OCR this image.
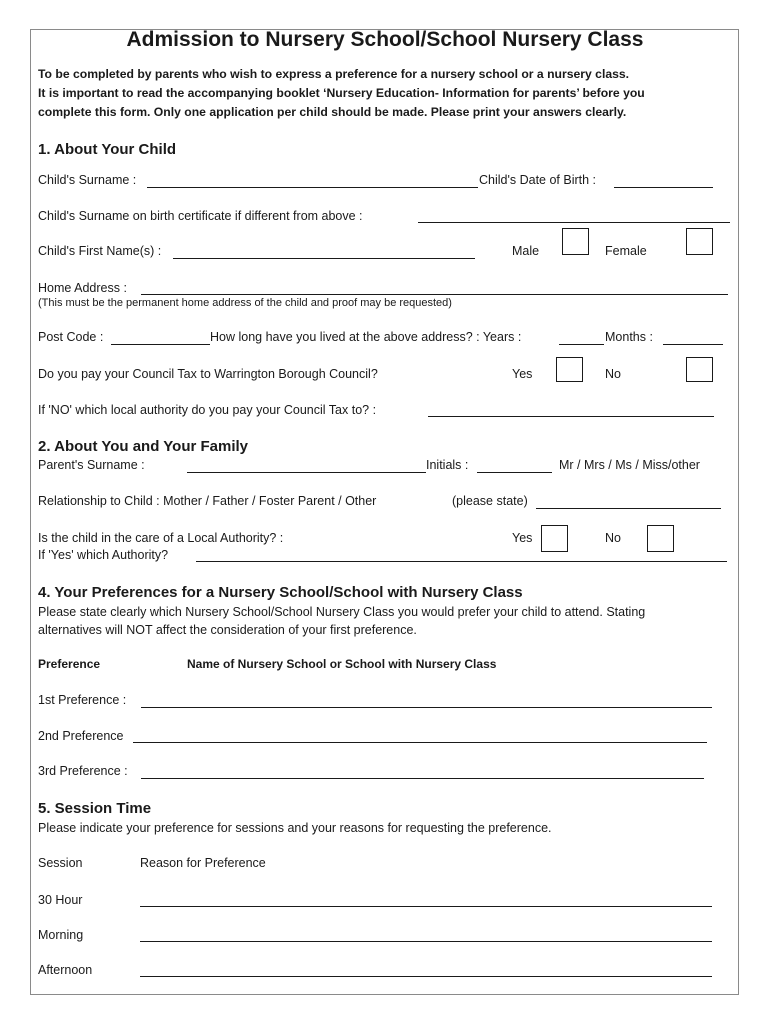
Admission to Nursery School/School Nursery Class
To be completed by parents who wish to express a preference for a nursery school or a nursery class.
It is important to read the accompanying booklet ‘Nursery Education- Information for parents’ before you
complete this form. Only one application per child should be made. Please print your answers clearly.
1. About Your Child
Child's Surname :	Child's Date of Birth :
Child's Surname on birth certificate if different from above :
Child's First Name(s) :	Male	Female
Home Address :
(This must be the permanent home address of the child and proof may be requested)
Post Code :	How long have you lived at the above address? : Years :	Months :
Do you pay your Council Tax to Warrington Borough Council?	Yes	No
If 'NO' which local authority do you pay your Council Tax to? :
2. About You and Your Family
Parent's Surname :	Initials :	Mr / Mrs / Ms / Miss/other
Relationship to Child : Mother / Father / Foster Parent / Other	(please state)
Is the child in the care of a Local Authority? :	Yes	No
If 'Yes' which Authority?
4. Your Preferences for a Nursery School/School with Nursery Class
Please state clearly which Nursery School/School Nursery Class you would prefer your child to attend. Stating
alternatives will NOT affect the consideration of your first preference.
Preference	Name of Nursery School or School with Nursery Class
1st Preference :
2nd Preference
3rd Preference :
5. Session Time
Please indicate your preference for sessions and your reasons for requesting the preference.
Session	Reason for Preference
30 Hour
Morning
Afternoon
